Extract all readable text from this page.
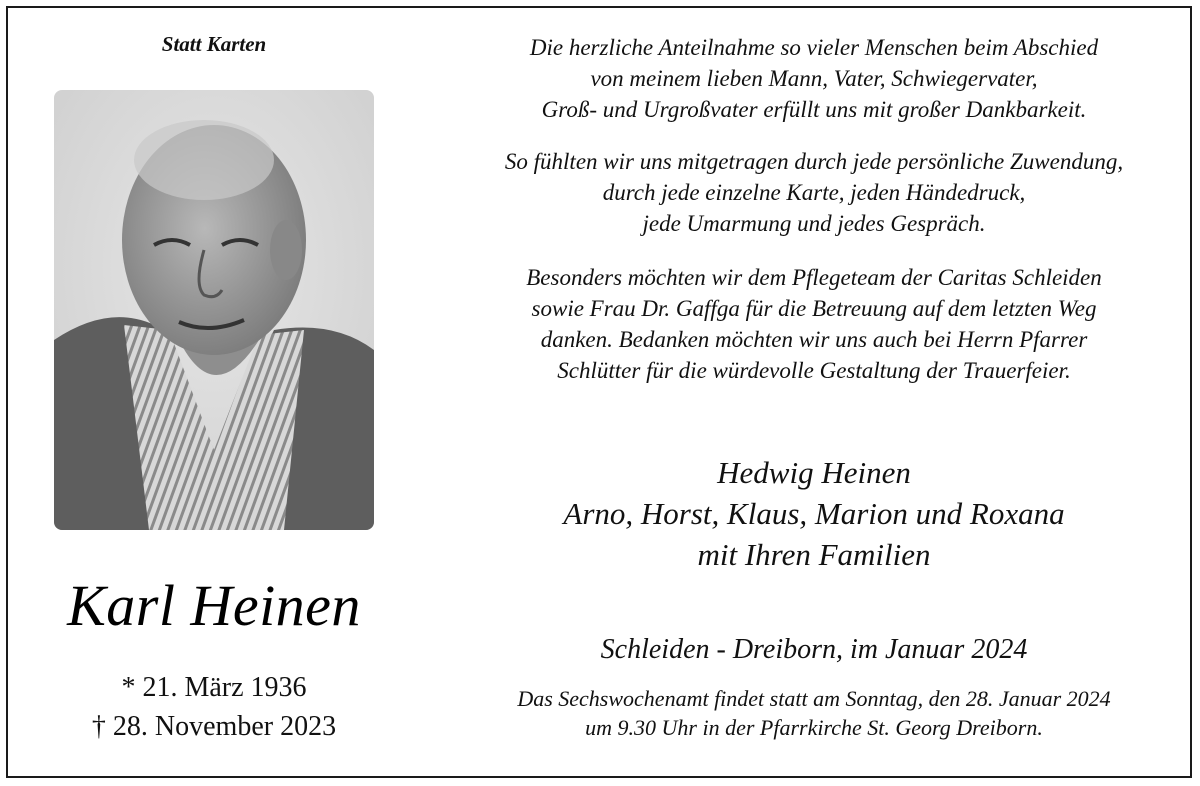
Statt Karten
Karl Heinen
* 21. März 1936
† 28. November 2023
Die herzliche Anteilnahme so vieler Menschen beim Abschied
von meinem lieben Mann, Vater, Schwiegervater,
Groß- und Urgroßvater erfüllt uns mit großer Dankbarkeit.
So fühlten wir uns mitgetragen durch jede persönliche Zuwendung,
durch jede einzelne Karte, jeden Händedruck,
jede Umarmung und jedes Gespräch.
Besonders möchten wir dem Pflegeteam der Caritas Schleiden
sowie Frau Dr. Gaffga für die Betreuung auf dem letzten Weg
danken. Bedanken möchten wir uns auch bei Herrn Pfarrer
Schlütter für die würdevolle Gestaltung der Trauerfeier.
Hedwig Heinen
Arno, Horst, Klaus, Marion und Roxana
mit Ihren Familien
Schleiden - Dreiborn, im Januar 2024
Das Sechswochenamt findet statt am Sonntag, den 28. Januar 2024
um 9.30 Uhr in der Pfarrkirche St. Georg Dreiborn.
